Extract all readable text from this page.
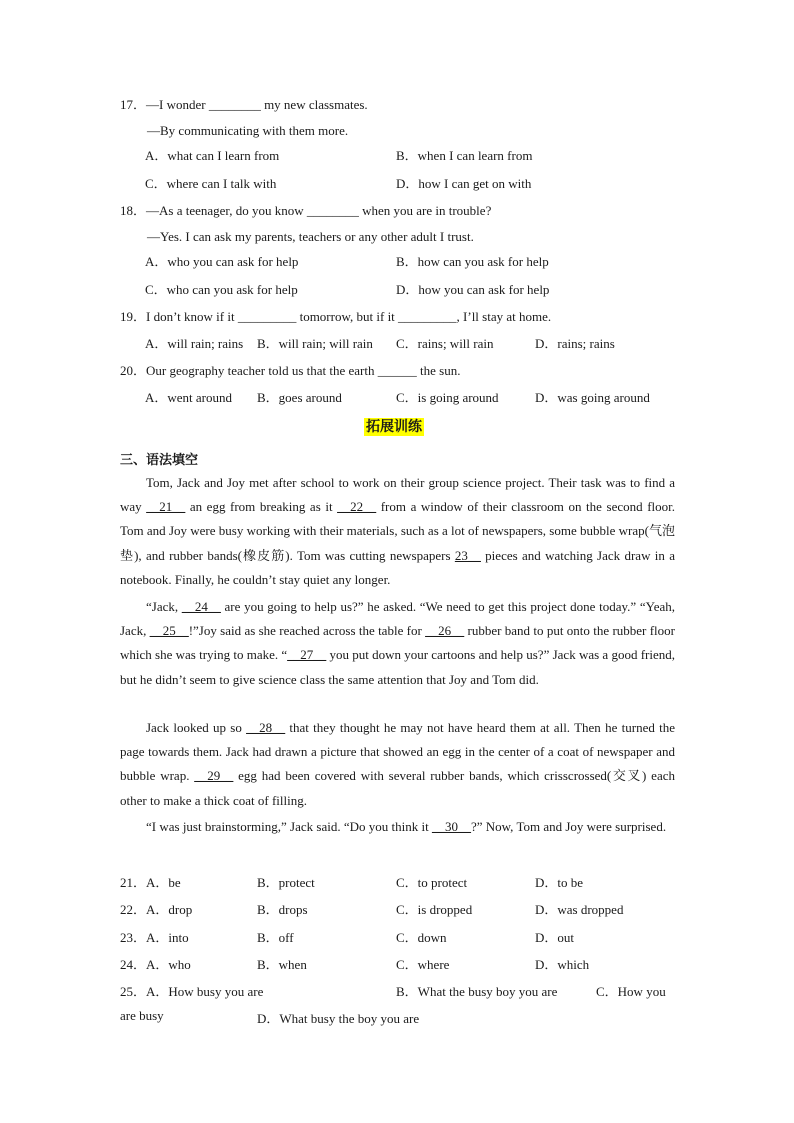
17．—I wonder ________ my new classmates.
—By communicating with them more.
A．what can I learn from	B．when I can learn from
C．where can I talk with	D．how I can get on with
18．—As a teenager, do you know ________ when you are in trouble?
—Yes. I can ask my parents, teachers or any other adult I trust.
A．who you can ask for help	B．how can you ask for help
C．who can you ask for help	D．how you can ask for help
19．I don’t know if it _________ tomorrow, but if it _________, I’ll stay at home.
A．will rain; rains B．will rain; will rain C．rains; will rain	D．rains; rains
20．Our geography teacher told us that the earth ______ the sun.
A．went around B．goes around	C．is going around	D．was going around
拓展训练
三、语法填空
Tom, Jack and Joy met after school to work on their group science project. Their task was to find a way __21__ an egg from breaking as it __22__ from a window of their classroom on the second floor. Tom and Joy were busy working with their materials, such as a lot of newspapers, some bubble wrap(气泡垫), and rubber bands(橡皮筋). Tom was cutting newspapers 23__ pieces and watching Jack draw in a notebook. Finally, he couldn’t stay quiet any longer.
“Jack, __24__ are you going to help us?” he asked. “We need to get this project done today.” “Yeah, Jack, __25__!”Joy said as she reached across the table for __26__ rubber band to put onto the rubber floor which she was trying to make. “__27__ you put down your cartoons and help us?” Jack was a good friend, but he didn’t seem to give science class the same attention that Joy and Tom did.
Jack looked up so __28__ that they thought he may not have heard them at all. Then he turned the page towards them. Jack had drawn a picture that showed an egg in the center of a coat of newspaper and bubble wrap. __29__ egg had been covered with several rubber bands, which crisscrossed(交叉) each other to make a thick coat of filling.
“I was just brainstorming,” Jack said. “Do you think it __30__?” Now, Tom and Joy were surprised.
21．A．be	B．protect	C．to protect	D．to be
22．A．drop	B．drops	C．is dropped	D．was dropped
23．A．into	B．off	C．down	D．out
24．A．who	B．when	C．where	D．which
25．A．How busy you are	B．What the busy boy you are	C．How you
are busy	D．What busy the boy you are
